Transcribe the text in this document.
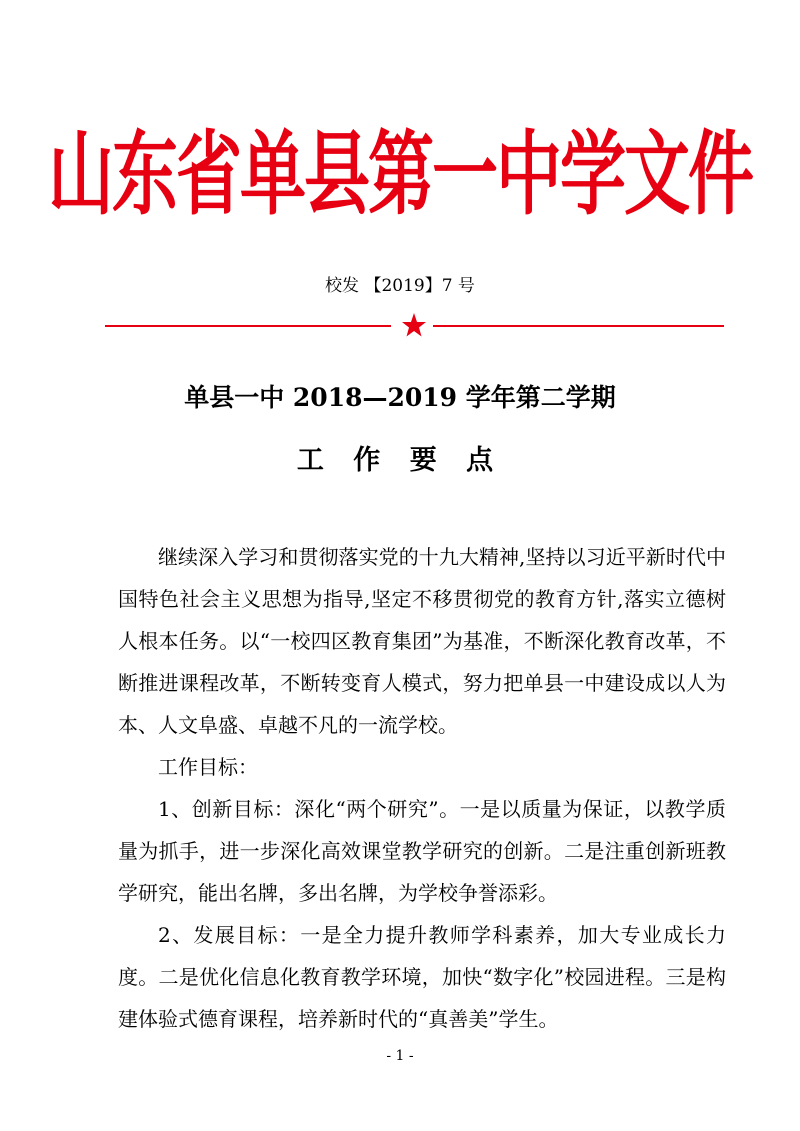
山东省单县第一中学文件
校发 【2019】7 号
单县一中 2018—2019 学年第二学期
工 作 要 点

继续深入学习和贯彻落实党的十九大精神,坚持以习近平新时代中国特色社会主义思想为指导,坚定不移贯彻党的教育方针,落实立德树人根本任务。以“一校四区教育集团”为基准，不断深化教育改革，不断推进课程改革，不断转变育人模式，努力把单县一中建设成以人为本、人文阜盛、卓越不凡的一流学校。

工作目标：

1、创新目标：深化“两个研究”。一是以质量为保证，以教学质量为抓手，进一步深化高效课堂教学研究的创新。二是注重创新班教学研究，能出名牌，多出名牌，为学校争誉添彩。

2、发展目标：一是全力提升教师学科素养，加大专业成长力度。二是优化信息化教育教学环境，加快“数字化”校园进程。三是构建体验式德育课程，培养新时代的“真善美”学生。

- 1 -
